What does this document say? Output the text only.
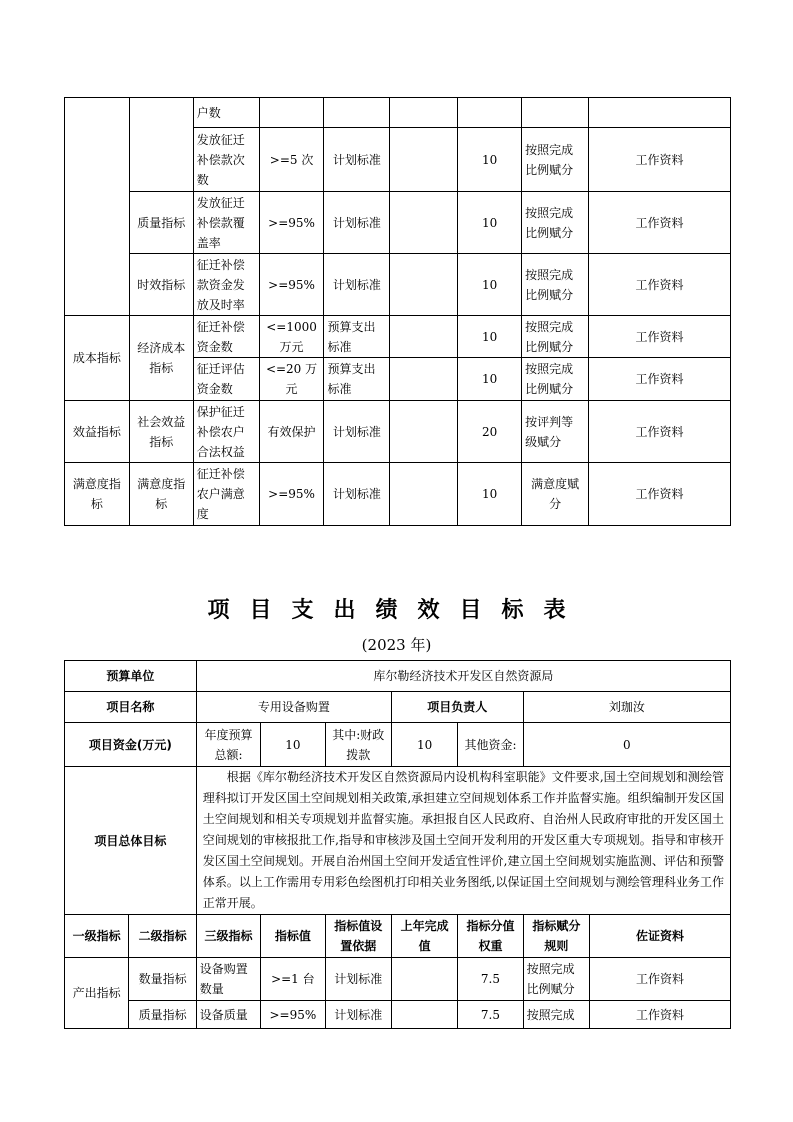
		户数						
		发放征迁补偿款次数	>=5 次	计划标准		10	按照完成比例赋分	工作资料
	质量指标	发放征迁补偿款覆盖率	>=95%	计划标准		10	按照完成比例赋分	工作资料
	时效指标	征迁补偿款资金发放及时率	>=95%	计划标准		10	按照完成比例赋分	工作资料
成本指标	经济成本指标	征迁补偿资金数	<=1000 万元	预算支出标准		10	按照完成比例赋分	工作资料
		征迁评估资金数	<=20 万元	预算支出标准		10	按照完成比例赋分	工作资料
效益指标	社会效益指标	保护征迁补偿农户合法权益	有效保护	计划标准		20	按评判等级赋分	工作资料
满意度指标	满意度指标	征迁补偿农户满意度	>=95%	计划标准		10	满意度赋分	工作资料
项目支出绩效目标表
(2023 年)
预算单位		库尔勒经济技术开发区自然资源局						
项目名称		专用设备购置			项目负责人		刘珈汝	
项目资金(万元)		年度预算总额:	10	其中:财政拨款	10	其他资金:	0	
项目总体目标		根据《库尔勒经济技术开发区自然资源局内设机构科室职能》文件要求,国土空间规划和测绘管理科拟订开发区国土空间规划相关政策,承担建立空间规划体系工作并监督实施。组织编制开发区国土空间规划和相关专项规划并监督实施。承担报自区人民政府、自治州人民政府审批的开发区国土空间规划的审核报批工作,指导和审核涉及国土空间开发利用的开发区重大专项规划。指导和审核开发区国土空间规划。开展自治州国土空间开发适宜性评价,建立国土空间规划实施监测、评估和预警体系。以上工作需用专用彩色绘图机打印相关业务图纸,以保证国土空间规划与测绘管理科业务工作正常开展。						
一级指标	二级指标	三级指标	指标值	指标值设置依据	上年完成值	指标分值权重	指标赋分规则	佐证资料
产出指标	数量指标	设备购置数量	>=1 台	计划标准		7.5	按照完成比例赋分	工作资料
	质量指标	设备质量	>=95%	计划标准		7.5	按照完成	工作资料
